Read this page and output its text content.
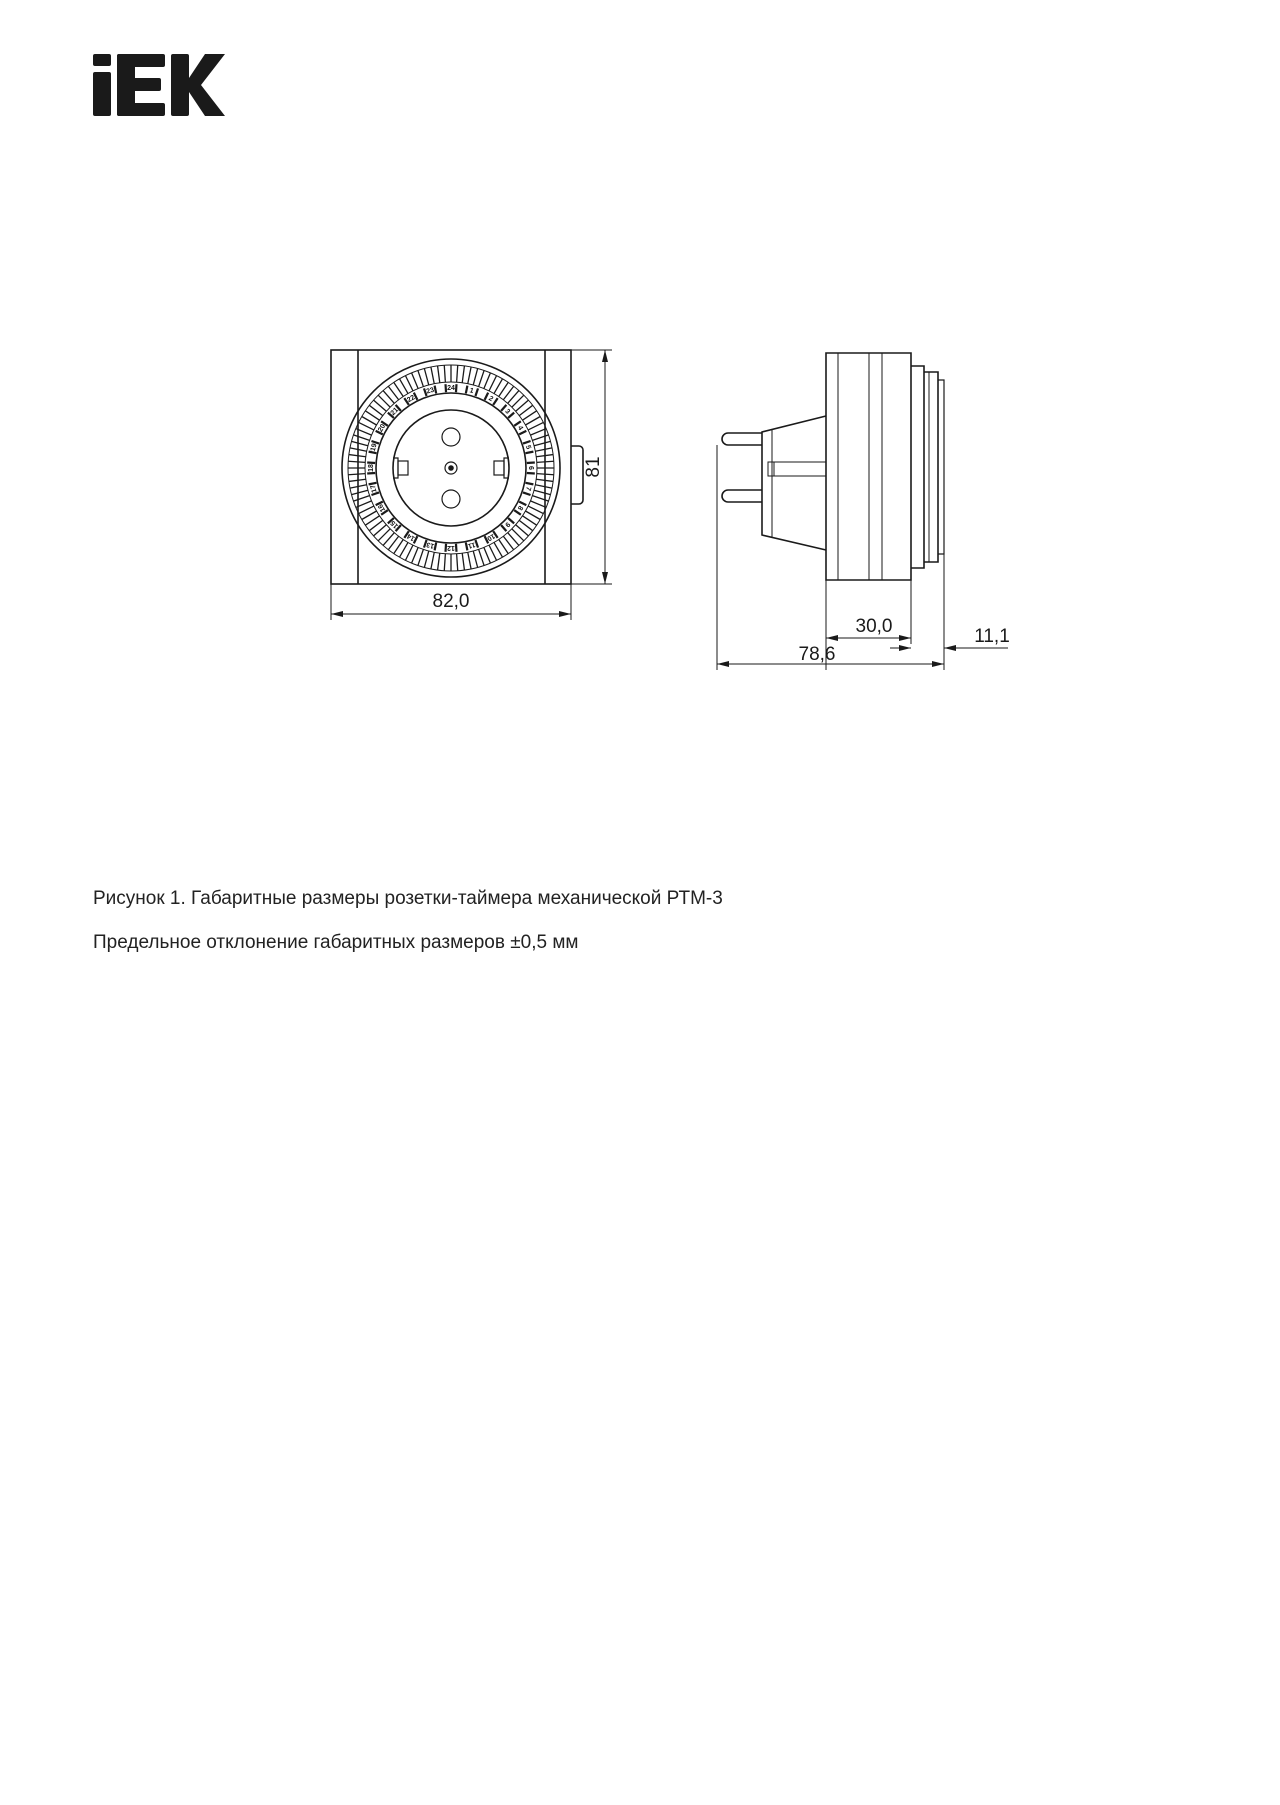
24 1
2
3
4
5
6
7
8
9
10
11
12
13
14
15
16
17
18
19
20
21
22
23
82,0
81
30,0	11,1
78,6
Рисунок 1. Габаритные размеры розетки-таймера механической РТМ-3
Предельное отклонение габаритных размеров ±0,5 мм
